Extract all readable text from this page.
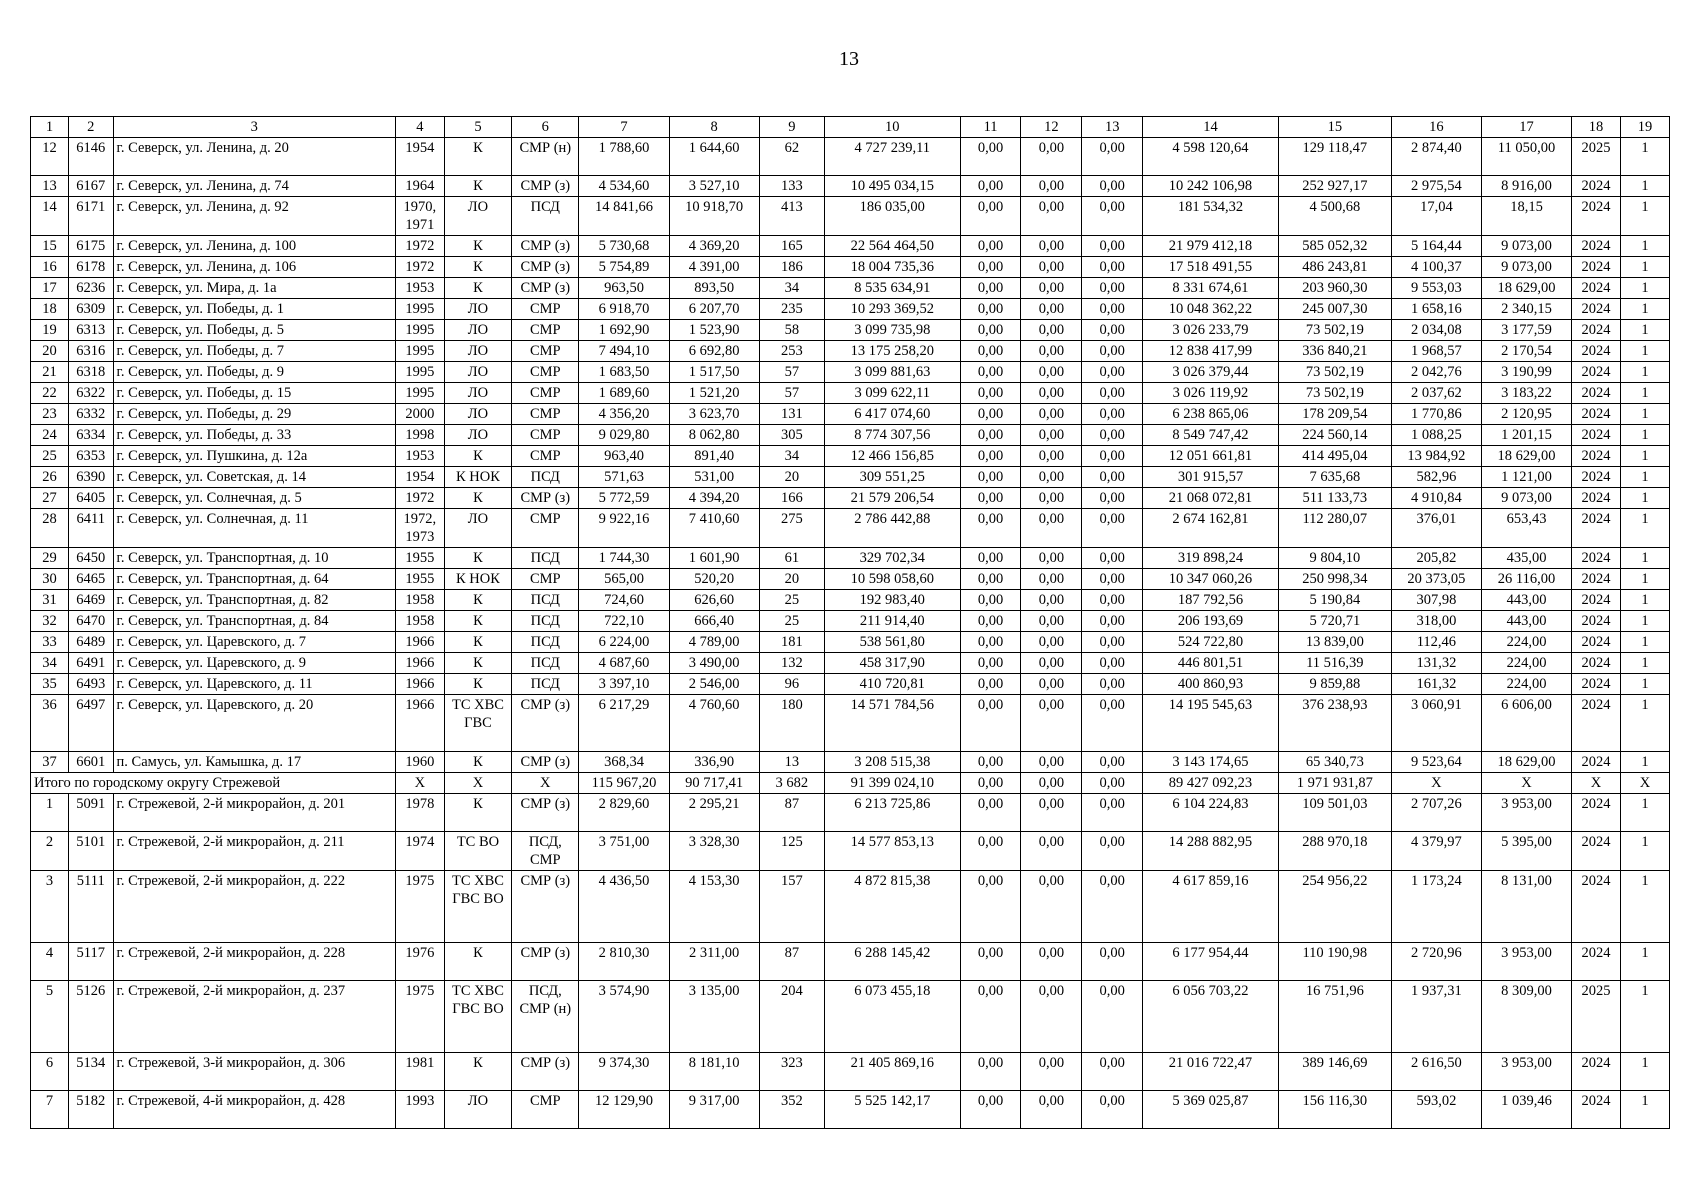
13
1	2	3	4	5	6	7	8	9	10	11	12	13	14	15	16	17	18	19
12	6146	г. Северск, ул. Ленина, д. 20	1954	К	СМР (н)	1 788,60	1 644,60	62	4 727 239,11	0,00	0,00	0,00	4 598 120,64	129 118,47	2 874,40	11 050,00	2025	1
13	6167	г. Северск, ул. Ленина, д. 74	1964	К	СМР (з)	4 534,60	3 527,10	133	10 495 034,15	0,00	0,00	0,00	10 242 106,98	252 927,17	2 975,54	8 916,00	2024	1
14	6171	г. Северск, ул. Ленина, д. 92	1970, 1971	ЛО	ПСД	14 841,66	10 918,70	413	186 035,00	0,00	0,00	0,00	181 534,32	4 500,68	17,04	18,15	2024	1
15	6175	г. Северск, ул. Ленина, д. 100	1972	К	СМР (з)	5 730,68	4 369,20	165	22 564 464,50	0,00	0,00	0,00	21 979 412,18	585 052,32	5 164,44	9 073,00	2024	1
16	6178	г. Северск, ул. Ленина, д. 106	1972	К	СМР (з)	5 754,89	4 391,00	186	18 004 735,36	0,00	0,00	0,00	17 518 491,55	486 243,81	4 100,37	9 073,00	2024	1
17	6236	г. Северск, ул. Мира, д. 1а	1953	К	СМР (з)	963,50	893,50	34	8 535 634,91	0,00	0,00	0,00	8 331 674,61	203 960,30	9 553,03	18 629,00	2024	1
18	6309	г. Северск, ул. Победы, д. 1	1995	ЛО	СМР	6 918,70	6 207,70	235	10 293 369,52	0,00	0,00	0,00	10 048 362,22	245 007,30	1 658,16	2 340,15	2024	1
19	6313	г. Северск, ул. Победы, д. 5	1995	ЛО	СМР	1 692,90	1 523,90	58	3 099 735,98	0,00	0,00	0,00	3 026 233,79	73 502,19	2 034,08	3 177,59	2024	1
20	6316	г. Северск, ул. Победы, д. 7	1995	ЛО	СМР	7 494,10	6 692,80	253	13 175 258,20	0,00	0,00	0,00	12 838 417,99	336 840,21	1 968,57	2 170,54	2024	1
21	6318	г. Северск, ул. Победы, д. 9	1995	ЛО	СМР	1 683,50	1 517,50	57	3 099 881,63	0,00	0,00	0,00	3 026 379,44	73 502,19	2 042,76	3 190,99	2024	1
22	6322	г. Северск, ул. Победы, д. 15	1995	ЛО	СМР	1 689,60	1 521,20	57	3 099 622,11	0,00	0,00	0,00	3 026 119,92	73 502,19	2 037,62	3 183,22	2024	1
23	6332	г. Северск, ул. Победы, д. 29	2000	ЛО	СМР	4 356,20	3 623,70	131	6 417 074,60	0,00	0,00	0,00	6 238 865,06	178 209,54	1 770,86	2 120,95	2024	1
24	6334	г. Северск, ул. Победы, д. 33	1998	ЛО	СМР	9 029,80	8 062,80	305	8 774 307,56	0,00	0,00	0,00	8 549 747,42	224 560,14	1 088,25	1 201,15	2024	1
25	6353	г. Северск, ул. Пушкина, д. 12а	1953	К	СМР	963,40	891,40	34	12 466 156,85	0,00	0,00	0,00	12 051 661,81	414 495,04	13 984,92	18 629,00	2024	1
26	6390	г. Северск, ул. Советская, д. 14	1954	К НОК	ПСД	571,63	531,00	20	309 551,25	0,00	0,00	0,00	301 915,57	7 635,68	582,96	1 121,00	2024	1
27	6405	г. Северск, ул. Солнечная, д. 5	1972	К	СМР (з)	5 772,59	4 394,20	166	21 579 206,54	0,00	0,00	0,00	21 068 072,81	511 133,73	4 910,84	9 073,00	2024	1
28	6411	г. Северск, ул. Солнечная, д. 11	1972, 1973	ЛО	СМР	9 922,16	7 410,60	275	2 786 442,88	0,00	0,00	0,00	2 674 162,81	112 280,07	376,01	653,43	2024	1
29	6450	г. Северск, ул. Транспортная, д. 10	1955	К	ПСД	1 744,30	1 601,90	61	329 702,34	0,00	0,00	0,00	319 898,24	9 804,10	205,82	435,00	2024	1
30	6465	г. Северск, ул. Транспортная, д. 64	1955	К НОК	СМР	565,00	520,20	20	10 598 058,60	0,00	0,00	0,00	10 347 060,26	250 998,34	20 373,05	26 116,00	2024	1
31	6469	г. Северск, ул. Транспортная, д. 82	1958	К	ПСД	724,60	626,60	25	192 983,40	0,00	0,00	0,00	187 792,56	5 190,84	307,98	443,00	2024	1
32	6470	г. Северск, ул. Транспортная, д. 84	1958	К	ПСД	722,10	666,40	25	211 914,40	0,00	0,00	0,00	206 193,69	5 720,71	318,00	443,00	2024	1
33	6489	г. Северск, ул. Царевского, д. 7	1966	К	ПСД	6 224,00	4 789,00	181	538 561,80	0,00	0,00	0,00	524 722,80	13 839,00	112,46	224,00	2024	1
34	6491	г. Северск, ул. Царевского, д. 9	1966	К	ПСД	4 687,60	3 490,00	132	458 317,90	0,00	0,00	0,00	446 801,51	11 516,39	131,32	224,00	2024	1
35	6493	г. Северск, ул. Царевского, д. 11	1966	К	ПСД	3 397,10	2 546,00	96	410 720,81	0,00	0,00	0,00	400 860,93	9 859,88	161,32	224,00	2024	1
36	6497	г. Северск, ул. Царевского, д. 20	1966	ТС ХВС ГВС	СМР (з)	6 217,29	4 760,60	180	14 571 784,56	0,00	0,00	0,00	14 195 545,63	376 238,93	3 060,91	6 606,00	2024	1
37	6601	п. Самусь, ул. Камышка, д. 17	1960	К	СМР (з)	368,34	336,90	13	3 208 515,38	0,00	0,00	0,00	3 143 174,65	65 340,73	9 523,64	18 629,00	2024	1
Итого по городскому округу Стрежевой			Х	Х	Х	115 967,20	90 717,41	3 682	91 399 024,10	0,00	0,00	0,00	89 427 092,23	1 971 931,87	Х	Х	Х	Х
1	5091	г. Стрежевой, 2-й микрорайон, д. 201	1978	К	СМР (з)	2 829,60	2 295,21	87	6 213 725,86	0,00	0,00	0,00	6 104 224,83	109 501,03	2 707,26	3 953,00	2024	1
2	5101	г. Стрежевой, 2-й микрорайон, д. 211	1974	ТС ВО	ПСД, СМР	3 751,00	3 328,30	125	14 577 853,13	0,00	0,00	0,00	14 288 882,95	288 970,18	4 379,97	5 395,00	2024	1
3	5111	г. Стрежевой, 2-й микрорайон, д. 222	1975	ТС ХВС ГВС ВО	СМР (з)	4 436,50	4 153,30	157	4 872 815,38	0,00	0,00	0,00	4 617 859,16	254 956,22	1 173,24	8 131,00	2024	1
4	5117	г. Стрежевой, 2-й микрорайон, д. 228	1976	К	СМР (з)	2 810,30	2 311,00	87	6 288 145,42	0,00	0,00	0,00	6 177 954,44	110 190,98	2 720,96	3 953,00	2024	1
5	5126	г. Стрежевой, 2-й микрорайон, д. 237	1975	ТС ХВС ГВС ВО	ПСД, СМР (н)	3 574,90	3 135,00	204	6 073 455,18	0,00	0,00	0,00	6 056 703,22	16 751,96	1 937,31	8 309,00	2025	1
6	5134	г. Стрежевой, 3-й микрорайон, д. 306	1981	К	СМР (з)	9 374,30	8 181,10	323	21 405 869,16	0,00	0,00	0,00	21 016 722,47	389 146,69	2 616,50	3 953,00	2024	1
7	5182	г. Стрежевой, 4-й микрорайон, д. 428	1993	ЛО	СМР	12 129,90	9 317,00	352	5 525 142,17	0,00	0,00	0,00	5 369 025,87	156 116,30	593,02	1 039,46	2024	1
